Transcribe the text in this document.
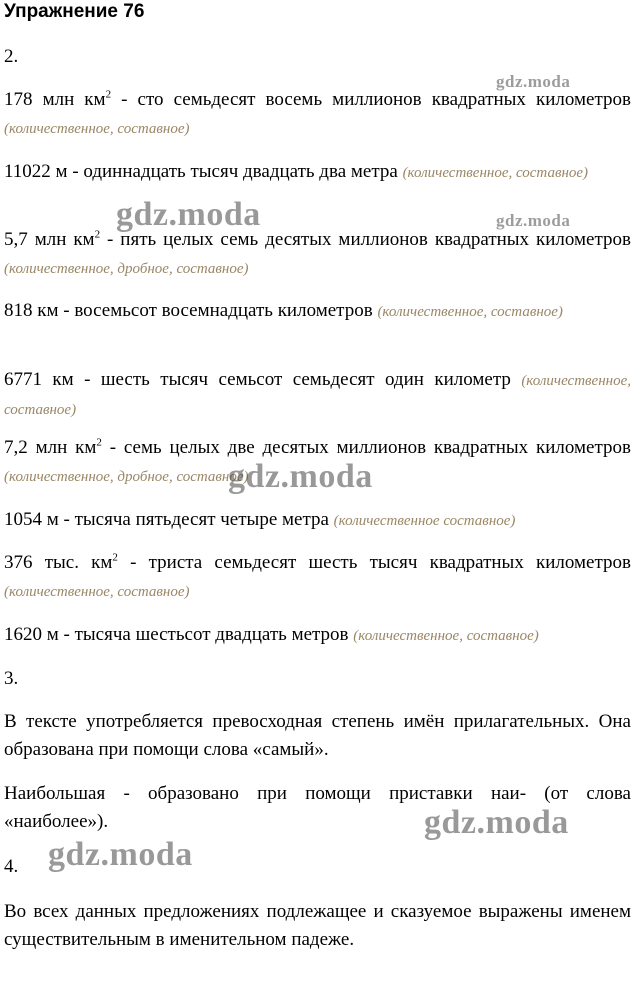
Упражнение 76
2.
178 млн $км^2$ - сто семьдесят восемь миллионов квадратных километров (количественное, составное)
11022 м - одиннадцать тысяч двадцать два метра (количественное, составное)
5,7 млн $км^2$ - пять целых семь десятых миллионов квадратных километров (количественное, дробное, составное)
818 км - восемьсот восемнадцать километров (количественное, составное)
6771 км - шесть тысяч семьсот семьдесят один километр (количественное, составное)
7,2 млн $км^2$ - семь целых две десятых миллионов квадратных километров (количественное, дробное, составное)
1054 м - тысяча пятьдесят четыре метра (количественное составное)
376 тыс. $км^2$ - триста семьдесят шесть тысяч квадратных километров (количественное, составное)
1620 м - тысяча шестьсот двадцать метров (количественное, составное)
3.
В тексте употребляется превосходная степень имён прилагательных. Она образована при помощи слова «самый».
Наибольшая - образовано при помощи приставки наи- (от слова «наиболее»).
4.
Во всех данных предложениях подлежащее и сказуемое выражены именем существительным в именительном падеже.
gdz.moda
gdz.moda	gdz.moda
gdz.moda
gdz.moda
gdz.moda
